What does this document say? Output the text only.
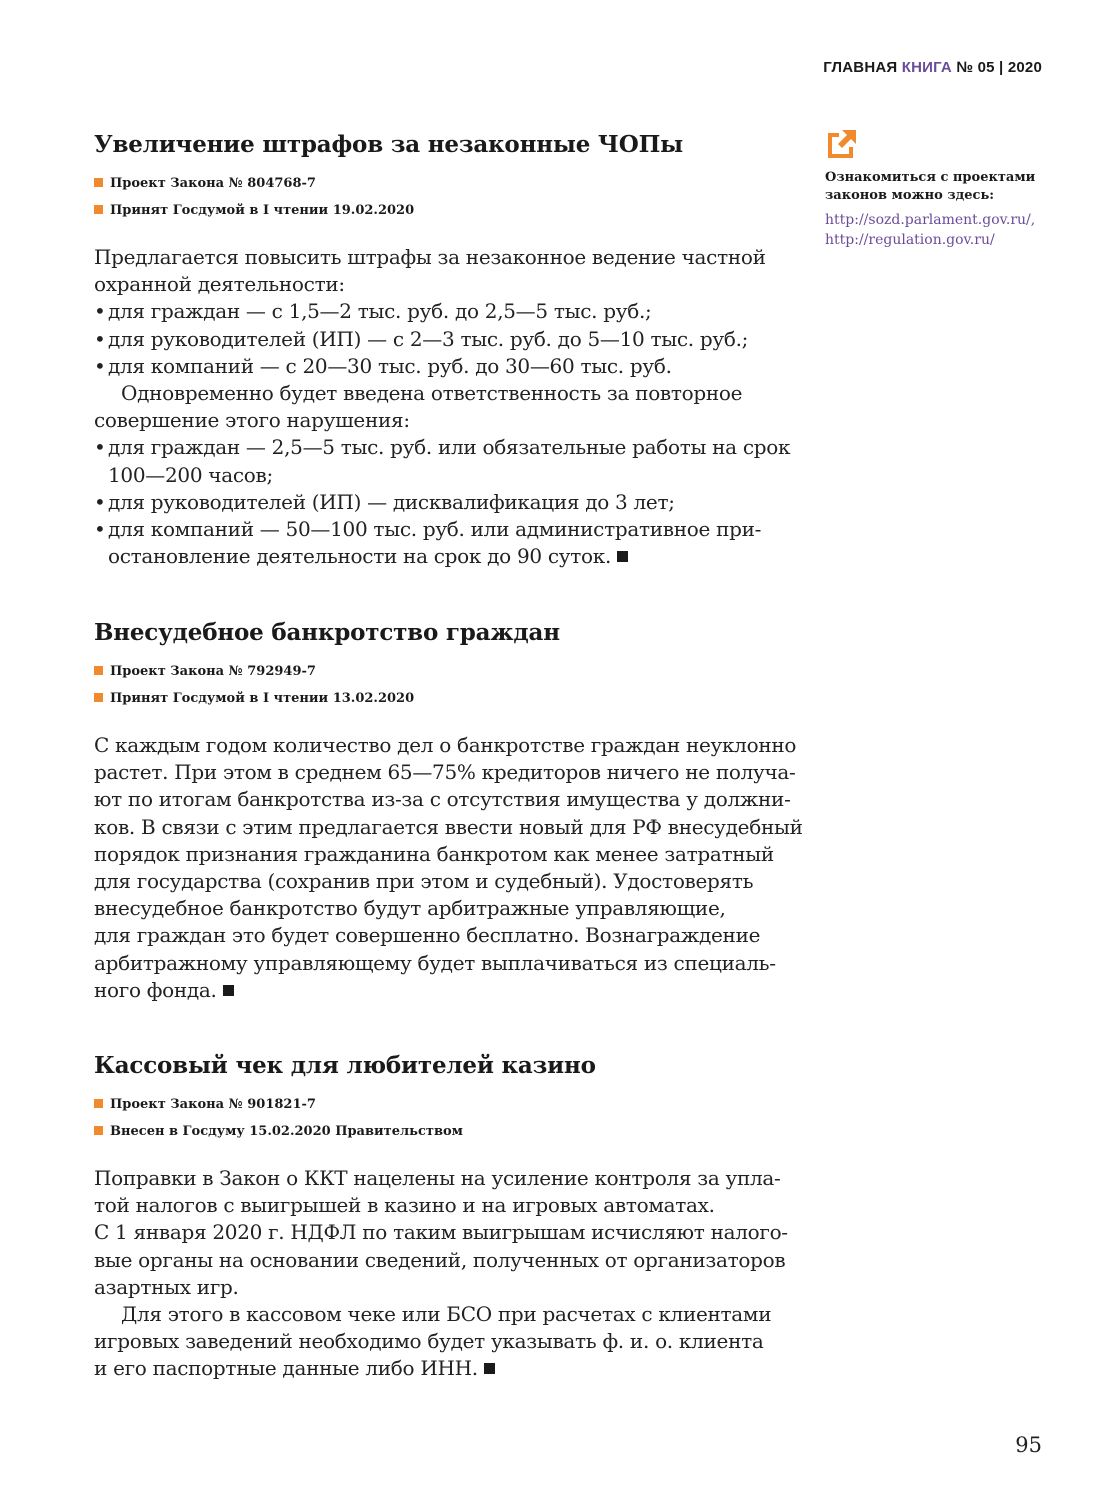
ГЛАВНАЯ КНИГА № 05 | 2020
Увеличение штрафов за незаконные ЧОПы
Проект Закона № 804768-7
Принят Госдумой в I чтении 19.02.2020

Предлагается повысить штрафы за незаконное ведение частной

охранной деятельности:

• для граждан — с 1,5—2 тыс. руб. до 2,5—5 тыс. руб.;

• для руководителей (ИП) — с 2—3 тыс. руб. до 5—10 тыс. руб.;

• для компаний — с 20—30 тыс. руб. до 30—60 тыс. руб.

Одновременно будет введена ответственность за повторное

совершение этого нарушения:

• для граждан — 2,5—5 тыс. руб. или обязательные работы на срок

100—200 часов;

• для руководителей (ИП) — дисквалификация до 3 лет;

• для компаний — 50—100 тыс. руб. или административное при-

остановление деятельности на срок до 90 суток.

Внесудебное банкротство граждан
Проект Закона № 792949-7
Принят Госдумой в I чтении 13.02.2020

С каждым годом количество дел о банкротстве граждан неуклонно

растет. При этом в среднем 65—75% кредиторов ничего не получа-

ют по итогам банкротства из-за с отсутствия имущества у должни-

ков. В связи с этим предлагается ввести новый для РФ внесудебный

порядок признания гражданина банкротом как менее затратный

для государства (сохранив при этом и судебный). Удостоверять

внесудебное банкротство будут арбитражные управляющие,

для граждан это будет совершенно бесплатно. Вознаграждение

арбитражному управляющему будет выплачиваться из специаль-

ного фонда.

Кассовый чек для любителей казино
Проект Закона № 901821-7
Внесен в Госдуму 15.02.2020 Правительством

Поправки в Закон о ККТ нацелены на усиление контроля за упла-

той налогов с выигрышей в казино и на игровых автоматах.

С 1 января 2020 г. НДФЛ по таким выигрышам исчисляют налого-

вые органы на основании сведений, полученных от организаторов

азартных игр.

Для этого в кассовом чеке или БСО при расчетах с клиентами

игровых заведений необходимо будет указывать ф. и. о. клиента

и его паспортные данные либо ИНН.

Ознакомиться с проектами законов можно здесь:
http://sozd.parlament.gov.ru/,
http://regulation.gov.ru/
95
